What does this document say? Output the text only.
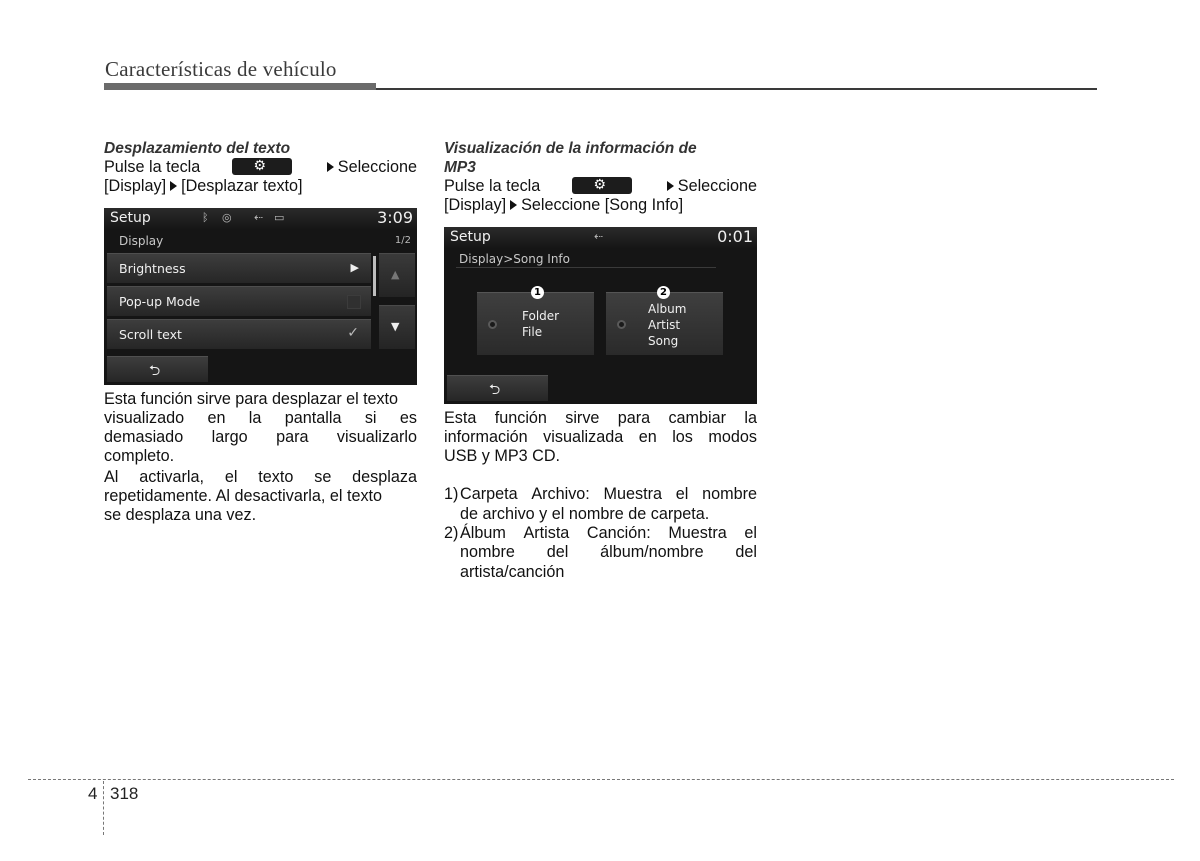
Características de vehículo
Desplazamiento del texto
Pulse la tecla	⚙	Seleccione
[Display] [Desplazar texto]
Esta función sirve para desplazar el texto
visualizado en la pantalla si es
demasiado largo para visualizarlo
completo.
Al activarla, el texto se desplaza
repetidamente. Al desactivarla, el texto
se desplaza una vez.
Setup	ᛒ ◎ ⇠ ▭	3:09
Display	1/2
Brightness	▶
Pop-up Mode
Scroll text	✓
▲
▼
⮌
Visualización de la información de
MP3
Pulse la tecla	⚙	Seleccione
[Display] Seleccione [Song Info]
Esta función sirve para cambiar la
información visualizada en los modos
USB y MP3 CD.
1) Carpeta Archivo: Muestra el nombre
de archivo y el nombre de carpeta.
2) Álbum Artista Canción: Muestra el
nombre del álbum/nombre del
artista/canción
Setup	⇠	0:01
Display>Song Info
Folder
File
1
Album
Artist
Song
2
⮌
4 318
